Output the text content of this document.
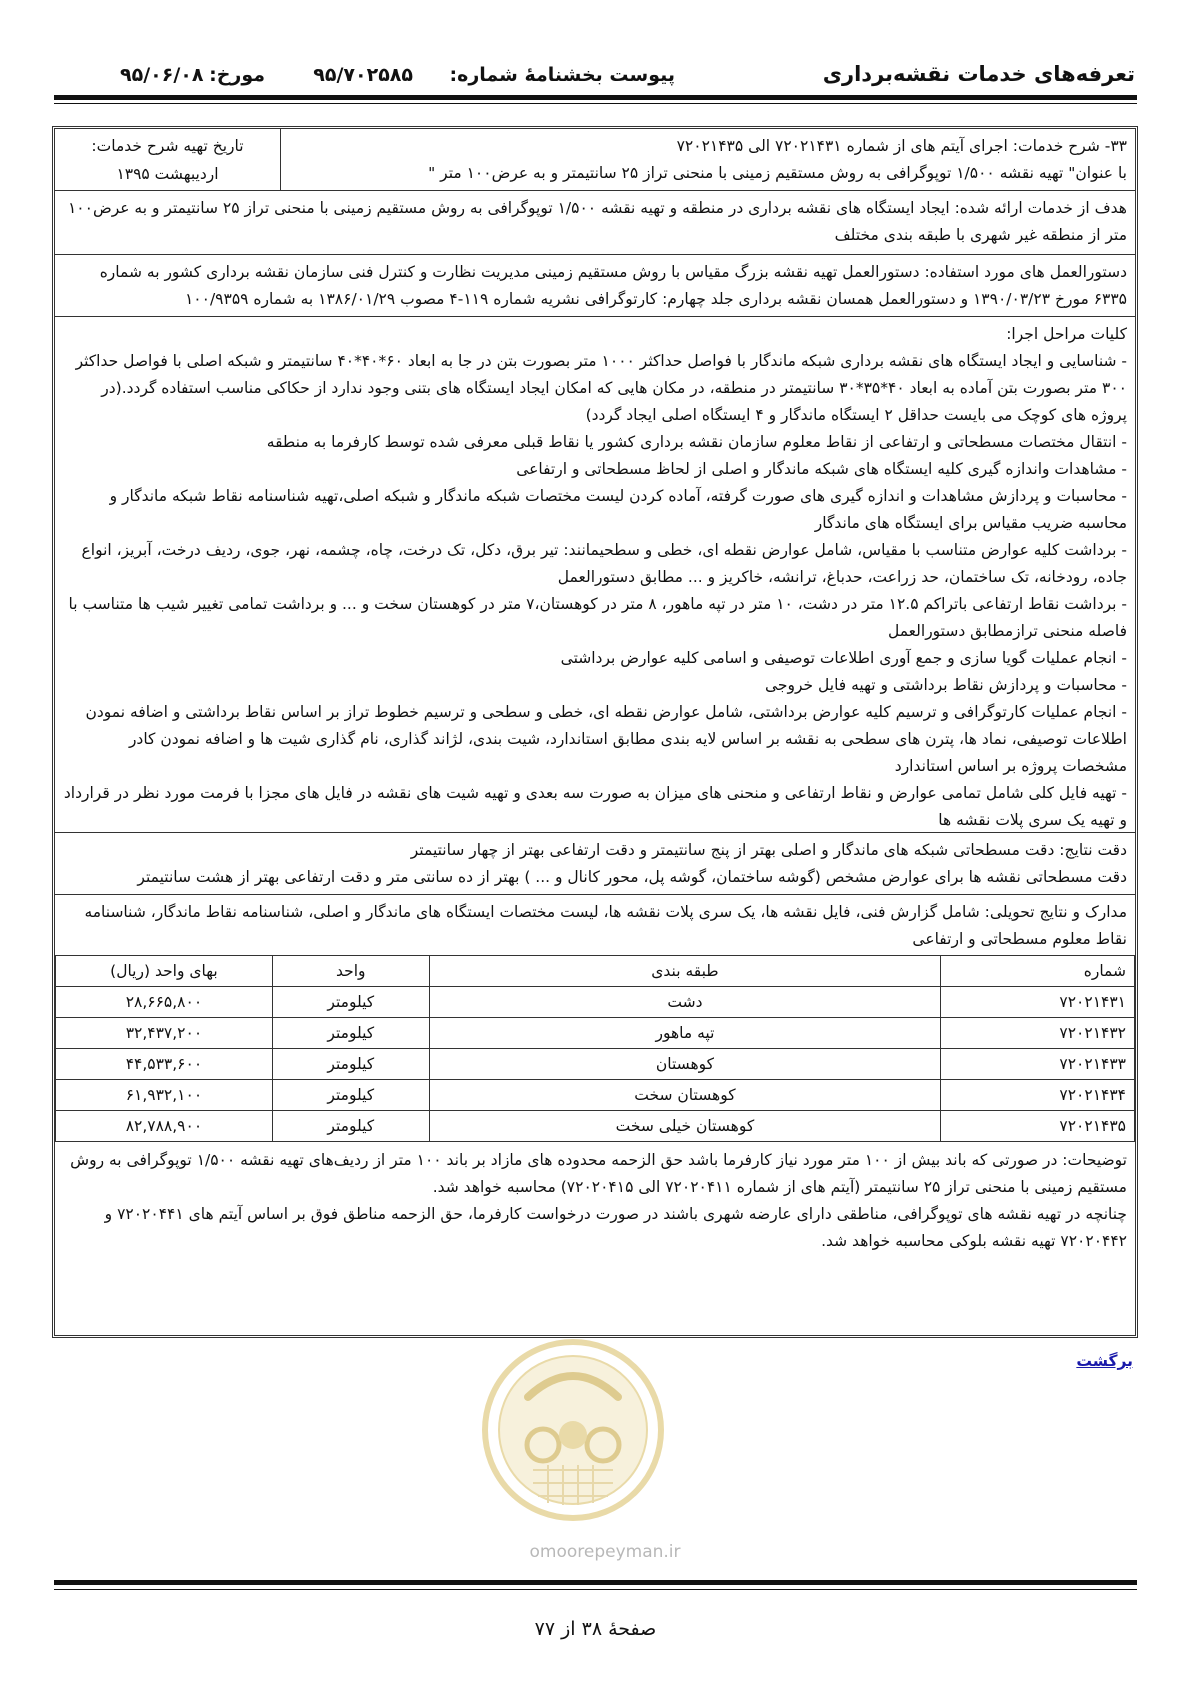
تعرفه‌های خدمات نقشه‌برداری
پیوست بخشنامهٔ شماره:
۹۵/۷۰۲۵۸۵
مورخ:
۹۵/۰۶/۰۸

۳۳- شرح خدمات: اجرای آیتم های از شماره ۷۲۰۲۱۴۳۱ الی ۷۲۰۲۱۴۳۵

با عنوان" تهیه نقشه ۱/۵۰۰ توپوگرافی به روش مستقیم زمینی با منحنی تراز ۲۵ سانتیمتر و به عرض۱۰۰ متر "

تاریخ تهیه شرح خدمات:
اردیبهشت ۱۳۹۵

هدف از خدمات ارائه شده: ایجاد ایستگاه های نقشه برداری در منطقه و تهیه نقشه ۱/۵۰۰ توپوگرافی به روش مستقیم زمینی با منحنی تراز ۲۵ سانتیمتر و به عرض۱۰۰ متر از منطقه غیر شهری با طبقه بندی مختلف

دستورالعمل های مورد استفاده: دستورالعمل تهیه نقشه بزرگ مقیاس با روش مستقیم زمینی مدیریت نظارت و کنترل فنی سازمان نقشه برداری کشور به شماره ۶۳۳۵ مورخ ۱۳۹۰/۰۳/۲۳ و دستورالعمل همسان نقشه برداری جلد چهارم: کارتوگرافی نشریه شماره ۱۱۹-۴ مصوب ۱۳۸۶/۰۱/۲۹ به شماره ۱۰۰/۹۳۵۹

کلیات مراحل اجرا:

- شناسایی و ایجاد ایستگاه های نقشه برداری شبکه ماندگار با فواصل حداکثر ۱۰۰۰ متر بصورت بتن در جا به ابعاد ۶۰*۴۰*۴۰ سانتیمتر و شبکه اصلی با فواصل حداکثر ۳۰۰ متر بصورت بتن آماده به ابعاد ۴۰*۳۵*۳۰ سانتیمتر در منطقه، در مکان هایی که امکان ایجاد ایستگاه های بتنی وجود ندارد از حکاکی مناسب استفاده گردد.(در پروژه های کوچک می بایست حداقل ۲ ایستگاه ماندگار و ۴ ایستگاه اصلی ایجاد گردد)

- انتقال مختصات مسطحاتی و ارتفاعی از نقاط معلوم سازمان نقشه برداری کشور یا نقاط قبلی معرفی شده توسط کارفرما به منطقه

- مشاهدات واندازه گیری کلیه ایستگاه های شبکه ماندگار و اصلی از لحاظ مسطحاتی و ارتفاعی

- محاسبات و پردازش مشاهدات و اندازه گیری های صورت گرفته، آماده کردن لیست مختصات شبکه ماندگار و شبکه اصلی،تهیه شناسنامه نقاط شبکه ماندگار و محاسبه ضریب مقیاس برای ایستگاه های ماندگار

- برداشت کلیه عوارض متناسب با مقیاس، شامل عوارض نقطه ای، خطی و سطحیمانند: تیر برق، دکل، تک درخت، چاه، چشمه، نهر، جوی، ردیف درخت، آبریز، انواع جاده، رودخانه، تک ساختمان، حد زراعت، حدباغ، ترانشه، خاکریز و ... مطابق دستورالعمل

- برداشت نقاط ارتفاعی باتراکم ۱۲.۵ متر در دشت، ۱۰ متر در تپه ماهور، ۸ متر در کوهستان،۷ متر در کوهستان سخت و ... و برداشت تمامی تغییر شیب ها متناسب با فاصله منحنی ترازمطابق دستورالعمل

- انجام عملیات گویا سازی و جمع آوری اطلاعات توصیفی و اسامی کلیه عوارض برداشتی

- محاسبات و پردازش نقاط برداشتی و تهیه فایل خروجی

- انجام عملیات کارتوگرافی و ترسیم کلیه عوارض برداشتی، شامل عوارض نقطه ای، خطی و سطحی و ترسیم خطوط تراز بر اساس نقاط برداشتی و اضافه نمودن اطلاعات توصیفی، نماد ها، پترن های سطحی به نقشه بر اساس لایه بندی مطابق استاندارد، شیت بندی، لژاند گذاری، نام گذاری شیت ها و اضافه نمودن کادر مشخصات پروژه بر اساس استاندارد

- تهیه فایل کلی شامل تمامی عوارض و نقاط ارتفاعی و منحنی های میزان به صورت سه بعدی و تهیه شیت های نقشه در فایل های مجزا با فرمت مورد نظر در قرارداد و تهیه یک سری پلات نقشه ها

دقت نتایج: دقت مسطحاتی شبکه های ماندگار و اصلی بهتر از پنج سانتیمتر و دقت ارتفاعی بهتر از چهار سانتیمتر

دقت مسطحاتی نقشه ها برای عوارض مشخص (گوشه ساختمان، گوشه پل، محور کانال و ... ) بهتر از ده سانتی متر و دقت ارتفاعی بهتر از هشت سانتیمتر

مدارک و نتایج تحویلی: شامل گزارش فنی، فایل نقشه ها، یک سری پلات نقشه ها، لیست مختصات ایستگاه های ماندگار و اصلی، شناسنامه نقاط ماندگار، شناسنامه نقاط معلوم مسطحاتی و ارتفاعی

شماره	طبقه بندی	واحد	بهای واحد (ریال)
۷۲۰۲۱۴۳۱	دشت	کیلومتر	۲۸,۶۶۵,۸۰۰
۷۲۰۲۱۴۳۲	تپه ماهور	کیلومتر	۳۲,۴۳۷,۲۰۰
۷۲۰۲۱۴۳۳	کوهستان	کیلومتر	۴۴,۵۳۳,۶۰۰
۷۲۰۲۱۴۳۴	کوهستان سخت	کیلومتر	۶۱,۹۳۲,۱۰۰
۷۲۰۲۱۴۳۵	کوهستان خیلی سخت	کیلومتر	۸۲,۷۸۸,۹۰۰

توضیحات: در صورتی که باند بیش از ۱۰۰ متر مورد نیاز کارفرما باشد حق الزحمه محدوده های مازاد بر باند ۱۰۰ متر از ردیف‌های تهیه نقشه ۱/۵۰۰ توپوگرافی به روش مستقیم زمینی با منحنی تراز ۲۵ سانتیمتر (آیتم های از شماره ۷۲۰۲۰۴۱۱ الی ۷۲۰۲۰۴۱۵) محاسبه خواهد شد.

چنانچه در تهیه نقشه های توپوگرافی، مناطقی دارای عارضه شهری باشند در صورت درخواست کارفرما، حق الزحمه مناطق فوق بر اساس آیتم های ۷۲۰۲۰۴۴۱ و ۷۲۰۲۰۴۴۲ تهیه نقشه بلوکی محاسبه خواهد شد.

برگشت
omoorepeyman.ir
صفحهٔ ۳۸ از ۷۷
